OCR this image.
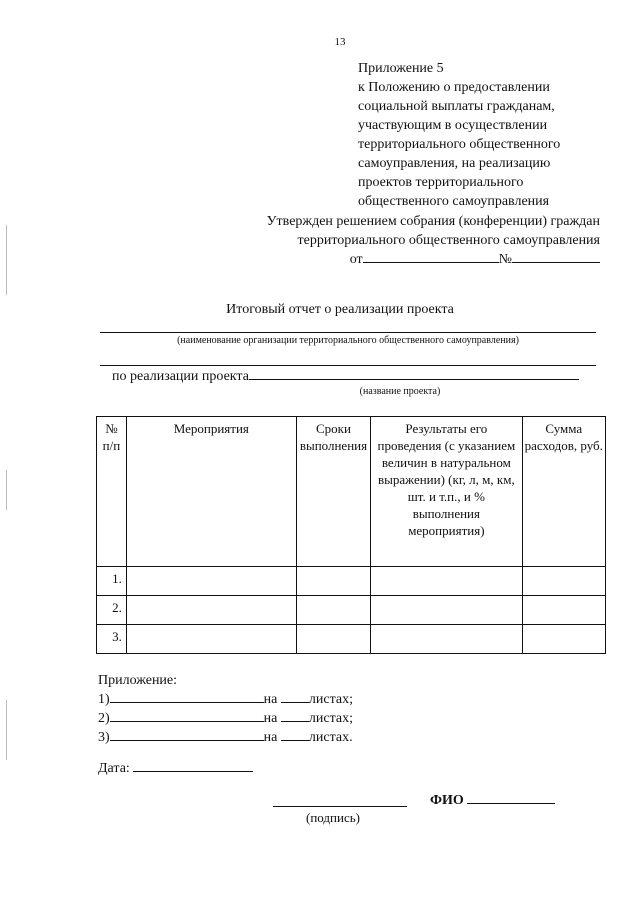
13
Приложение 5
к Положению о предоставлении
социальной выплаты гражданам,
участвующим в осуществлении
территориального общественного
самоуправления, на реализацию
проектов территориального
общественного самоуправления
Утвержден решением собрания (конференции) граждан
территориального общественного самоуправления
от	№
Итоговый отчет о реализации проекта
(наименование организации территориального общественного самоуправления)
по реализации проекта
(название проекта)
№ п/п	Мероприятия	Сроки выполнения	Результаты его проведения (с указанием величин в натуральном выражении) (кг, л, м, км, шт. и т.п., и % выполнения мероприятия)	Сумма расходов, руб.
1.				
2.				
3.				
Приложение:
1)	на листах;
2)	на листах;
3)	на листах.
Дата:
ФИО
(подпись)
